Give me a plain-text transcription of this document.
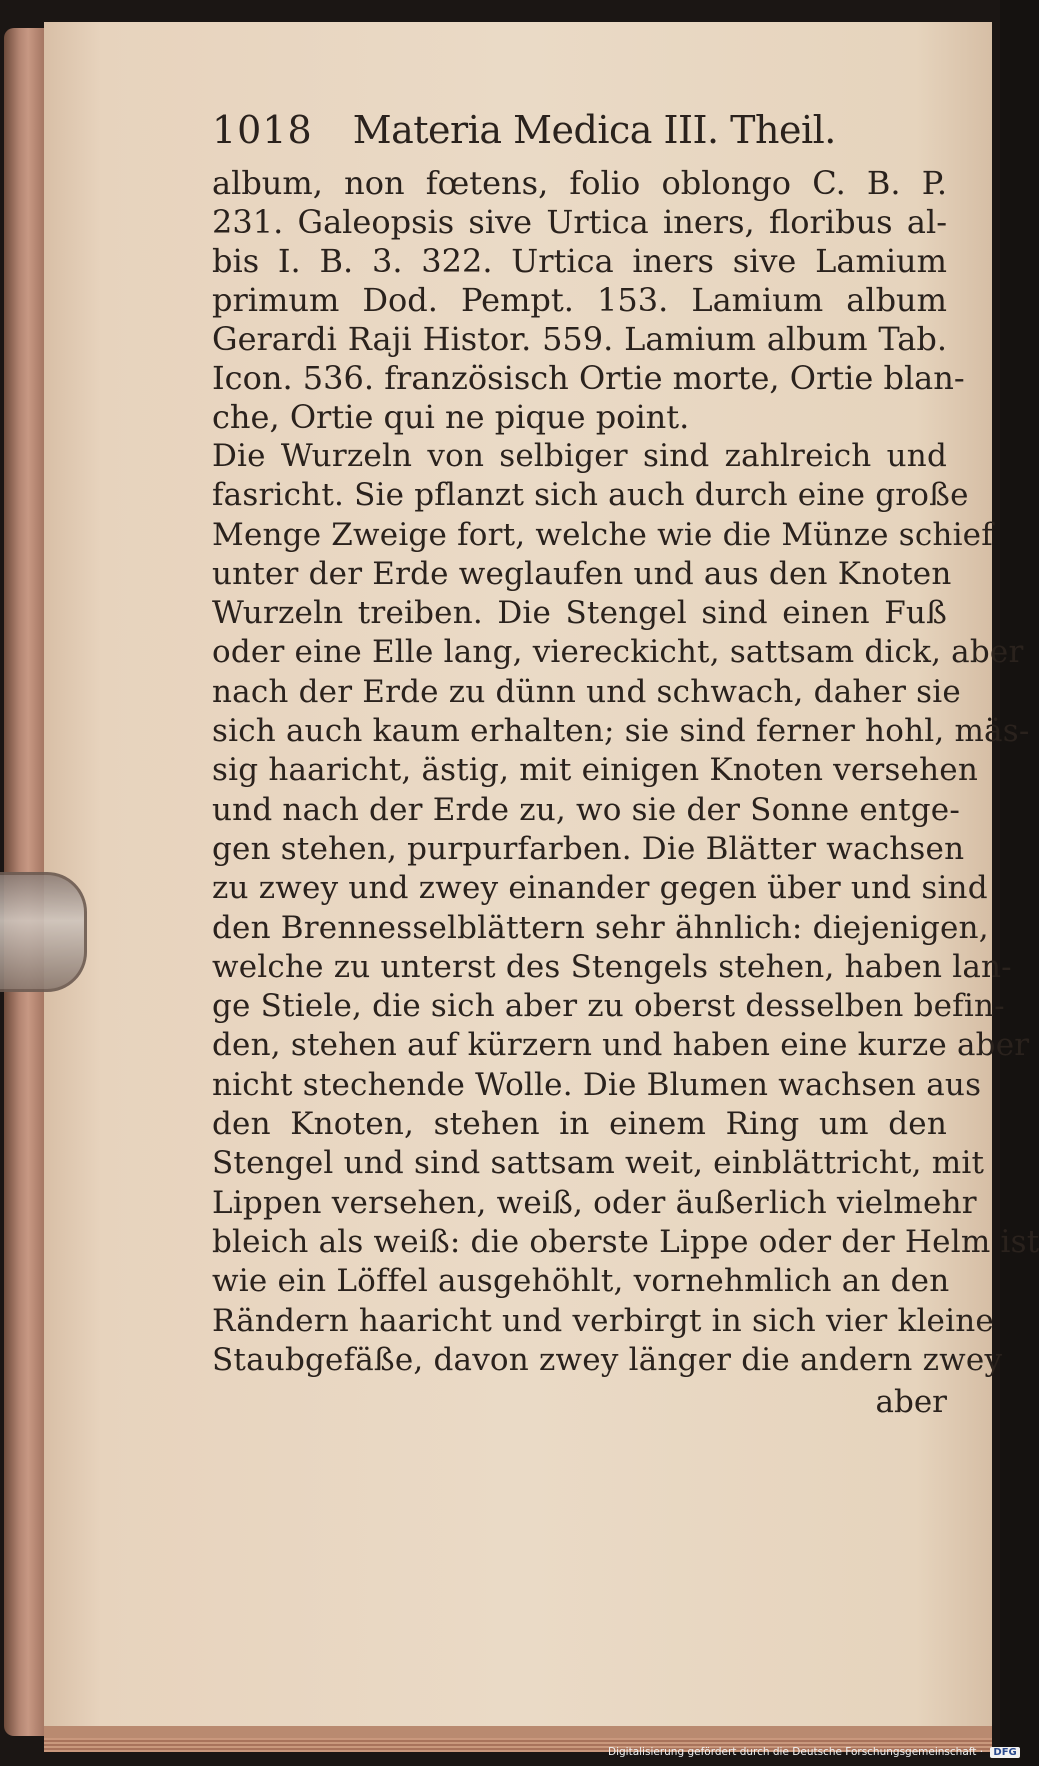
1018 Materia Medica III. Theil.
album, non fœtens, folio oblongo C. B. P.
231. Galeopsis sive Urtica iners, floribus al-
bis I. B. 3. 322. Urtica iners sive Lamium
primum Dod. Pempt. 153. Lamium album
Gerardi Raji Histor. 559. Lamium album Tab.
Icon. 536. französisch Ortie morte, Ortie blan-
che, Ortie qui ne pique point.
Die Wurzeln von selbiger sind zahlreich und
fasricht. Sie pflanzt sich auch durch eine große
Menge Zweige fort, welche wie die Münze schief
unter der Erde weglaufen und aus den Knoten
Wurzeln treiben. Die Stengel sind einen Fuß
oder eine Elle lang, viereckicht, sattsam dick, aber
nach der Erde zu dünn und schwach, daher sie
sich auch kaum erhalten; sie sind ferner hohl, mäs-
sig haaricht, ästig, mit einigen Knoten versehen
und nach der Erde zu, wo sie der Sonne entge-
gen stehen, purpurfarben. Die Blätter wachsen
zu zwey und zwey einander gegen über und sind
den Brennesselblättern sehr ähnlich: diejenigen,
welche zu unterst des Stengels stehen, haben lan-
ge Stiele, die sich aber zu oberst desselben befin-
den, stehen auf kürzern und haben eine kurze aber
nicht stechende Wolle. Die Blumen wachsen aus
den Knoten, stehen in einem Ring um den
Stengel und sind sattsam weit, einblättricht, mit
Lippen versehen, weiß, oder äußerlich vielmehr
bleich als weiß: die oberste Lippe oder der Helm ist
wie ein Löffel ausgehöhlt, vornehmlich an den
Rändern haaricht und verbirgt in sich vier kleine
Staubgefäße, davon zwey länger die andern zwey
aber
Digitalisierung gefördert durch die Deutsche Forschungsgemeinschaft · DFG
